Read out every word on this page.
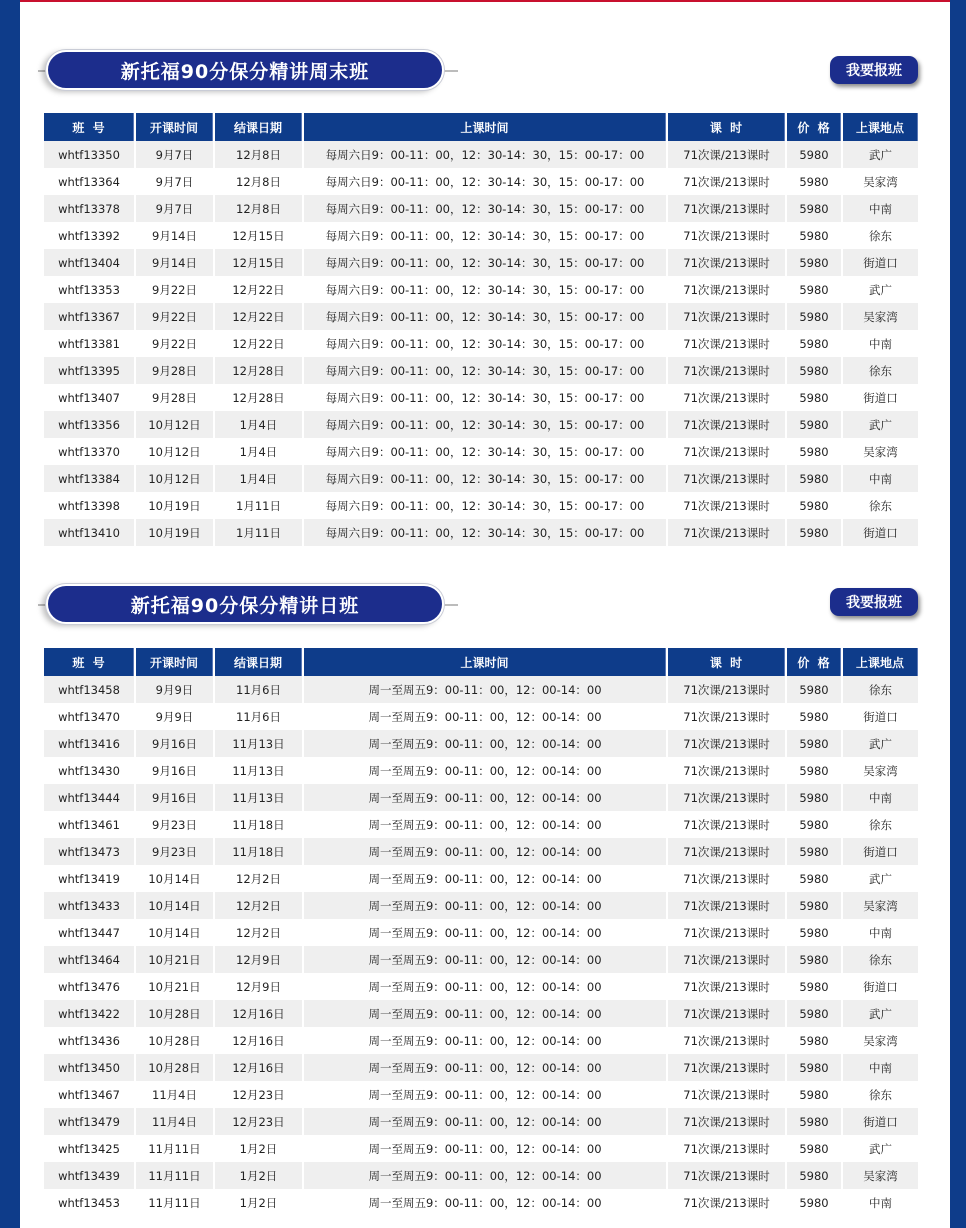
新托福90分保分精讲周末班	我要报班
班  号	开课时间	结课日期	上课时间	课  时	价  格	上课地点
whtf13350	9月7日	12月8日	每周六日9：00-11：00，12：30-14：30，15：00-17：00	71次课/213课时	5980	武广
whtf13364	9月7日	12月8日	每周六日9：00-11：00，12：30-14：30，15：00-17：00	71次课/213课时	5980	吴家湾
whtf13378	9月7日	12月8日	每周六日9：00-11：00，12：30-14：30，15：00-17：00	71次课/213课时	5980	中南
whtf13392	9月14日	12月15日	每周六日9：00-11：00，12：30-14：30，15：00-17：00	71次课/213课时	5980	徐东
whtf13404	9月14日	12月15日	每周六日9：00-11：00，12：30-14：30，15：00-17：00	71次课/213课时	5980	街道口
whtf13353	9月22日	12月22日	每周六日9：00-11：00，12：30-14：30，15：00-17：00	71次课/213课时	5980	武广
whtf13367	9月22日	12月22日	每周六日9：00-11：00，12：30-14：30，15：00-17：00	71次课/213课时	5980	吴家湾
whtf13381	9月22日	12月22日	每周六日9：00-11：00，12：30-14：30，15：00-17：00	71次课/213课时	5980	中南
whtf13395	9月28日	12月28日	每周六日9：00-11：00，12：30-14：30，15：00-17：00	71次课/213课时	5980	徐东
whtf13407	9月28日	12月28日	每周六日9：00-11：00，12：30-14：30，15：00-17：00	71次课/213课时	5980	街道口
whtf13356	10月12日	1月4日	每周六日9：00-11：00，12：30-14：30，15：00-17：00	71次课/213课时	5980	武广
whtf13370	10月12日	1月4日	每周六日9：00-11：00，12：30-14：30，15：00-17：00	71次课/213课时	5980	吴家湾
whtf13384	10月12日	1月4日	每周六日9：00-11：00，12：30-14：30，15：00-17：00	71次课/213课时	5980	中南
whtf13398	10月19日	1月11日	每周六日9：00-11：00，12：30-14：30，15：00-17：00	71次课/213课时	5980	徐东
whtf13410	10月19日	1月11日	每周六日9：00-11：00，12：30-14：30，15：00-17：00	71次课/213课时	5980	街道口
新托福90分保分精讲日班	我要报班
班  号	开课时间	结课日期	上课时间	课  时	价  格	上课地点
whtf13458	9月9日	11月6日	周一至周五9：00-11：00，12：00-14：00	71次课/213课时	5980	徐东
whtf13470	9月9日	11月6日	周一至周五9：00-11：00，12：00-14：00	71次课/213课时	5980	街道口
whtf13416	9月16日	11月13日	周一至周五9：00-11：00，12：00-14：00	71次课/213课时	5980	武广
whtf13430	9月16日	11月13日	周一至周五9：00-11：00，12：00-14：00	71次课/213课时	5980	吴家湾
whtf13444	9月16日	11月13日	周一至周五9：00-11：00，12：00-14：00	71次课/213课时	5980	中南
whtf13461	9月23日	11月18日	周一至周五9：00-11：00，12：00-14：00	71次课/213课时	5980	徐东
whtf13473	9月23日	11月18日	周一至周五9：00-11：00，12：00-14：00	71次课/213课时	5980	街道口
whtf13419	10月14日	12月2日	周一至周五9：00-11：00，12：00-14：00	71次课/213课时	5980	武广
whtf13433	10月14日	12月2日	周一至周五9：00-11：00，12：00-14：00	71次课/213课时	5980	吴家湾
whtf13447	10月14日	12月2日	周一至周五9：00-11：00，12：00-14：00	71次课/213课时	5980	中南
whtf13464	10月21日	12月9日	周一至周五9：00-11：00，12：00-14：00	71次课/213课时	5980	徐东
whtf13476	10月21日	12月9日	周一至周五9：00-11：00，12：00-14：00	71次课/213课时	5980	街道口
whtf13422	10月28日	12月16日	周一至周五9：00-11：00，12：00-14：00	71次课/213课时	5980	武广
whtf13436	10月28日	12月16日	周一至周五9：00-11：00，12：00-14：00	71次课/213课时	5980	吴家湾
whtf13450	10月28日	12月16日	周一至周五9：00-11：00，12：00-14：00	71次课/213课时	5980	中南
whtf13467	11月4日	12月23日	周一至周五9：00-11：00，12：00-14：00	71次课/213课时	5980	徐东
whtf13479	11月4日	12月23日	周一至周五9：00-11：00，12：00-14：00	71次课/213课时	5980	街道口
whtf13425	11月11日	1月2日	周一至周五9：00-11：00，12：00-14：00	71次课/213课时	5980	武广
whtf13439	11月11日	1月2日	周一至周五9：00-11：00，12：00-14：00	71次课/213课时	5980	吴家湾
whtf13453	11月11日	1月2日	周一至周五9：00-11：00，12：00-14：00	71次课/213课时	5980	中南
